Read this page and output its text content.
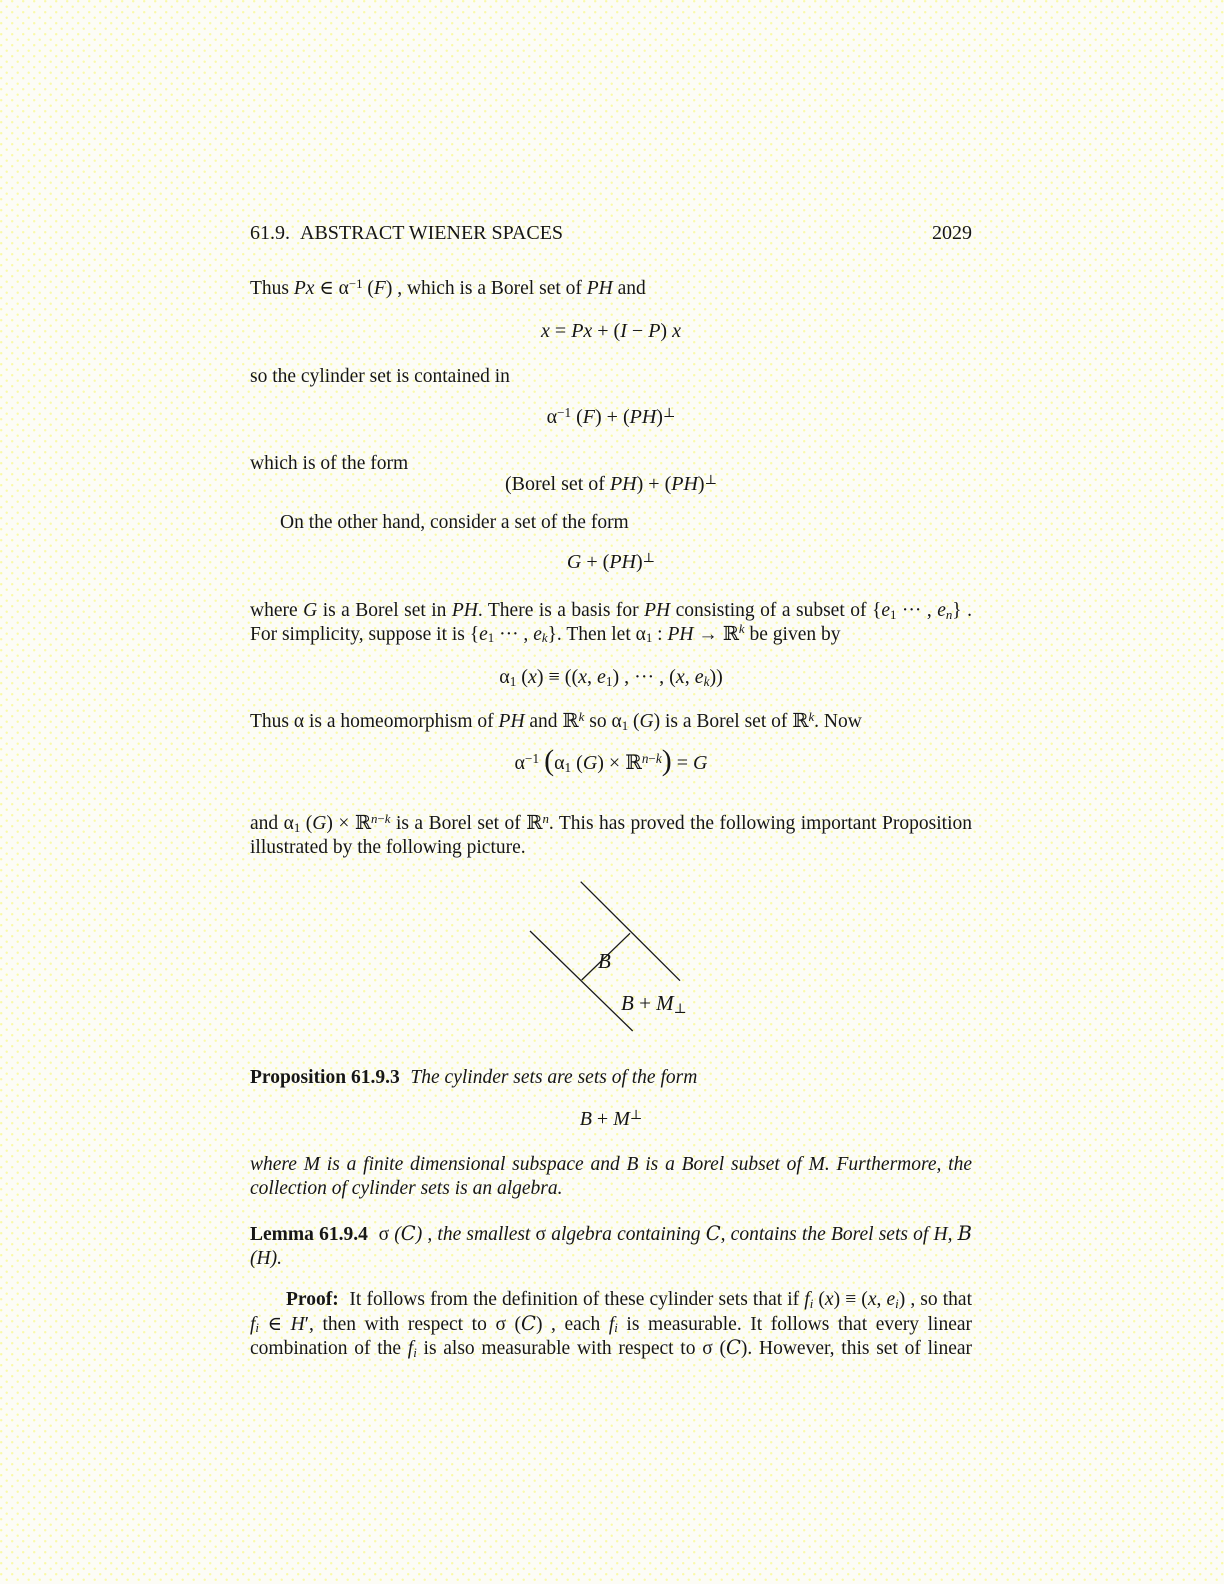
61.9.  ABSTRACT WIENER SPACES	2029
Thus Px ∈ $\alpha^{-1}$ (F) , which is a Borel set of PH and
x = Px + (I − P) x
so the cylinder set is contained in
$\alpha^{-1}$ (F) + (PH)⊥
which is of the form
(Borel set of PH) + (PH)⊥
On the other hand, consider a set of the form
G + (PH)⊥
where G is a Borel set in PH. There is a basis for PH consisting of a subset of {$e_1$ ··· , $e_n$} . For simplicity, suppose it is {$e_1$ ··· , $e_k$}. Then let $\alpha_1$ : PH → ℝ$^k$ be given by
$\alpha_1$ (x) ≡ ((x, $e_1$) , ··· , (x, $e_k$))
Thus α is a homeomorphism of PH and ℝ$^k$ so $\alpha_1$ (G) is a Borel set of ℝ$^k$. Now
$\alpha^{-1}$ ($\alpha_1$ (G) × ℝ$^{n-k}$) = G
and $\alpha_1$ (G) × ℝ$^{n-k}$ is a Borel set of ℝ$^n$. This has proved the following important Proposition illustrated by the following picture.
B
$B + M_\perp$
Proposition 61.9.3 The cylinder sets are sets of the form
B + M⊥
where M is a finite dimensional subspace and B is a Borel subset of M. Furthermore, the collection of cylinder sets is an algebra.
Lemma 61.9.4 σ (C) , the smallest σ algebra containing C, contains the Borel sets of H, B (H).
Proof: It follows from the definition of these cylinder sets that if $f_i$ (x) ≡ (x, $e_i$) , so that $f_i$ ∈ H′, then with respect to σ (C) , each $f_i$ is measurable. It follows that every linear combination of the $f_i$ is also measurable with respect to σ (C). However, this set of linear
